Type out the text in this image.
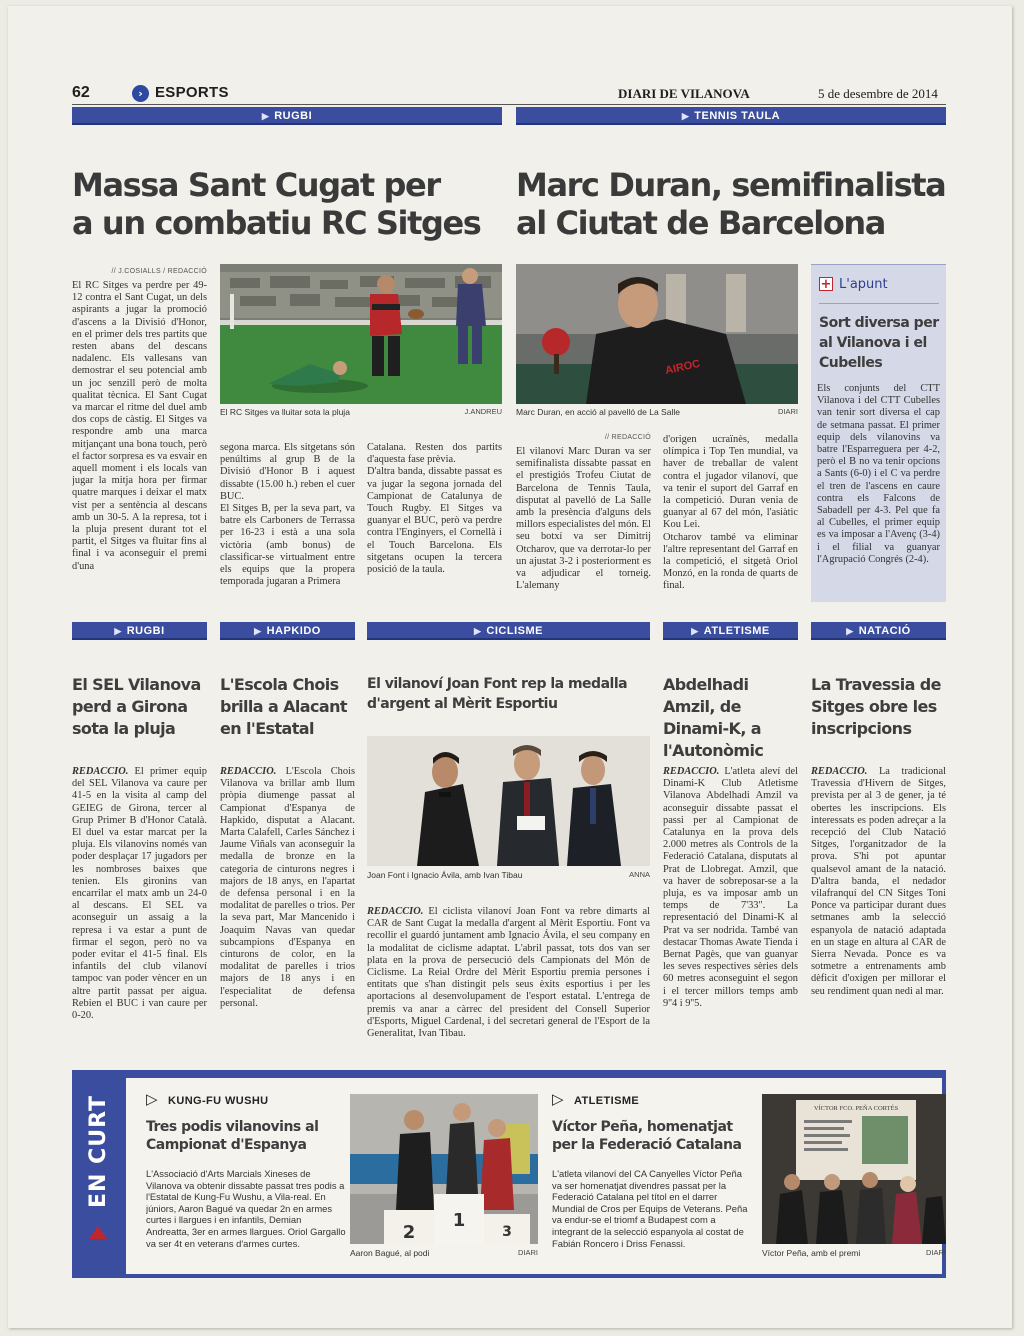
62	› ESPORTS	DIARI DE VILANOVA	5 de desembre de 2014
▶ RUGBI
Massa Sant Cugat per
a un combatiu RC Sitges
// J.COSIALLS / REDACCIÓ
El RC Sitges va perdre per 49-12 contra el Sant Cugat, un dels aspirants a jugar la promoció d'ascens a la Divisió d'Honor, en el primer dels tres partits que resten abans del descans nadalenc. Els vallesans van demostrar el seu potencial amb un joc senzill però de molta qualitat tècnica. El Sant Cugat va marcar el ritme del duel amb dos cops de càstig. El Sitges va respondre amb una marca mitjançant una bona touch, però el factor sorpresa es va esvair en aquell moment i els locals van jugar la mitja hora per firmar quatre marques i deixar el matx vist per a sentència al descans amb un 30-5. A la represa, tot i la pluja present durant tot el partit, el Sitges va fluitar fins al final i va aconseguir el premi d'una
El RC Sitges va lluitar sota la pluja	J.ANDREU
segona marca. Els sitgetans són penúltims al grup B de la Divisió d'Honor B i aquest dissabte (15.00 h.) reben el cuer BUC.
El Sitges B, per la seva part, va batre els Carboners de Terrassa per 16-23 i està a una sola victòria (amb bonus) de classificar-se virtualment entre els equips que la propera temporada jugaran a Primera
Catalana. Resten dos partits d'aquesta fase prèvia.
D'altra banda, dissabte passat es va jugar la segona jornada del Campionat de Catalunya de Touch Rugby. El Sitges va guanyar el BUC, però va perdre contra l'Enginyers, el Cornellà i el Touch Barcelona. Els sitgetans ocupen la tercera posició de la taula.
▶ TENNIS TAULA
Marc Duran, semifinalista
al Ciutat de Barcelona
AIROC
Marc Duran, en acció al pavelló de La Salle	DIARI
// REDACCIÓ
El vilanoví Marc Duran va ser semifinalista dissabte passat en el prestigiós Trofeu Ciutat de Barcelona de Tennis Taula, disputat al pavelló de La Salle amb la presència d'alguns dels millors especialistes del món. El seu botxí va ser Dimitrij Otcharov, que va derrotar-lo per un ajustat 3-2 i posteriorment es va adjudicar el torneig. L'alemany
d'origen ucraïnès, medalla olímpica i Top Ten mundial, va haver de treballar de valent contra el jugador vilanoví, que va tenir el suport del Garraf en la competició. Duran venia de guanyar al 67 del món, l'asiàtic Kou Lei.
Otcharov també va eliminar l'altre representant del Garraf en la competició, el sitgetà Oriol Monzó, en la ronda de quarts de final.
+ L'apunt
Sort diversa per al Vilanova i el Cubelles
Els conjunts del CTT Vilanova i del CTT Cubelles van tenir sort diversa el cap de setmana passat. El primer equip dels vilanovins va batre l'Esparreguera per 4-2, però el B no va tenir opcions a Sants (6-0) i el C va perdre el tren de l'ascens en caure contra els Falcons de Sabadell per 4-3. Pel que fa al Cubelles, el primer equip es va imposar a l'Avenç (3-4) i el filial va guanyar l'Agrupació Congrés (2-4).
▶ RUGBI	▶ HAPKIDO	▶ CICLISME	▶ ATLETISME	▶ NATACIÓ
El SEL Vilanova perd a Girona sota la pluja
REDACCIÓ. El primer equip del SEL Vilanova va caure per 41-5 en la visita al camp del GEIEG de Girona, tercer al Grup Primer B d'Honor Català. El duel va estar marcat per la pluja. Els vilanovins només van poder desplaçar 17 jugadors per les nombroses baixes que tenien. Els gironins van encarrilar el matx amb un 24-0 al descans. El SEL va aconseguir un assaig a la represa i va estar a punt de firmar el segon, però no va poder evitar el 41-5 final. Els infantils del club vilanoví tampoc van poder vèncer en un altre partit passat per aigua. Rebien el BUC i van caure per 0-20.
L'Escola Chois brilla a Alacant en l'Estatal
REDACCIÓ. L'Escola Chois Vilanova va brillar amb llum pròpia diumenge passat al Campionat d'Espanya de Hapkido, disputat a Alacant. Marta Calafell, Carles Sánchez i Jaume Viñals van aconseguir la medalla de bronze en la categoria de cinturons negres i majors de 18 anys, en l'apartat de defensa personal i en la modalitat de parelles o trios. Per la seva part, Mar Mancenido i Joaquim Navas van quedar subcampions d'Espanya en cinturons de color, en la modalitat de parelles i trios majors de 18 anys i en l'especialitat de defensa personal.
El vilanoví Joan Font rep la medalla d'argent al Mèrit Esportiu
Joan Font i Ignacio Ávila, amb Ivan Tibau	ANNA
REDACCIÓ. El ciclista vilanoví Joan Font va rebre dimarts al CAR de Sant Cugat la medalla d'argent al Mèrit Esportiu. Font va recollir el guardó juntament amb Ignacio Ávila, el seu company en la modalitat de ciclisme adaptat. L'abril passat, tots dos van ser plata en la prova de persecució dels Campionats del Món de Ciclisme. La Reial Ordre del Mèrit Esportiu premia persones i entitats que s'han distingit pels seus èxits esportius i per les aportacions al desenvolupament de l'esport estatal. L'entrega de premis va anar a càrrec del president del Consell Superior d'Esports, Miguel Cardenal, i del secretari general de l'Esport de la Generalitat, Ivan Tibau.
Abdelhadi Amzil, de Dinami-K, a l'Autonòmic
REDACCIÓ. L'atleta aleví del Dinami-K Club Atletisme Vilanova Abdelhadi Amzil va aconseguir dissabte passat el passi per al Campionat de Catalunya en la prova dels 2.000 metres als Controls de la Federació Catalana, disputats al Prat de Llobregat. Amzil, que va haver de sobreposar-se a la pluja, es va imposar amb un temps de 7'33". La representació del Dinami-K al Prat va ser nodrida. També van destacar Thomas Awate Tienda i Bernat Pagès, que van guanyar les seves respectives sèries dels 60 metres aconseguint el segon i el tercer millors temps amb 9''4 i 9''5.
La Travessia de Sitges obre les inscripcions
REDACCIÓ. La tradicional Travessia d'Hivern de Sitges, prevista per al 3 de gener, ja té obertes les inscripcions. Els interessats es poden adreçar a la recepció del Club Natació Sitges, l'organitzador de la prova. S'hi pot apuntar qualsevol amant de la natació. D'altra banda, el nedador vilafranquí del CN Sitges Toni Ponce va participar durant dues setmanes amb la selecció espanyola de natació adaptada en un stage en altura al CAR de Sierra Nevada. Ponce es va sotmetre a entrenaments amb dèficit d'oxigen per millorar el seu rendiment quan nedi al mar.
EN CURT ▷ KUNG-FU WUSHU
Tres podis vilanovins al Campionat d'Espanya
L'Associació d'Arts Marcials Xineses de Vilanova va obtenir dissabte passat tres podis a l'Estatal de Kung-Fu Wushu, a Vila-real. En júniors, Aaron Bagué va quedar 2n en armes curtes i llargues i en infantils, Demian Andreatta, 3er en armes llargues. Oriol Gargallo va ser 4t en veterans d'armes curtes.
2
1
3
Aaron Bagué, al podi	DIARI
▷ ATLETISME
Víctor Peña, homenatjat per la Federació Catalana
L'atleta vilanoví del CA Canyelles Víctor Peña va ser homenatjat divendres passat per la Federació Catalana pel títol en el darrer Mundial de Cros per Equips de Veterans. Peña va endur-se el triomf a Budapest com a integrant de la selecció espanyola al costat de Fabián Roncero i Driss Fenassi.
VÍCTOR FCO. PEÑA CORTÉS
Víctor Peña, amb el premi	DIARI
